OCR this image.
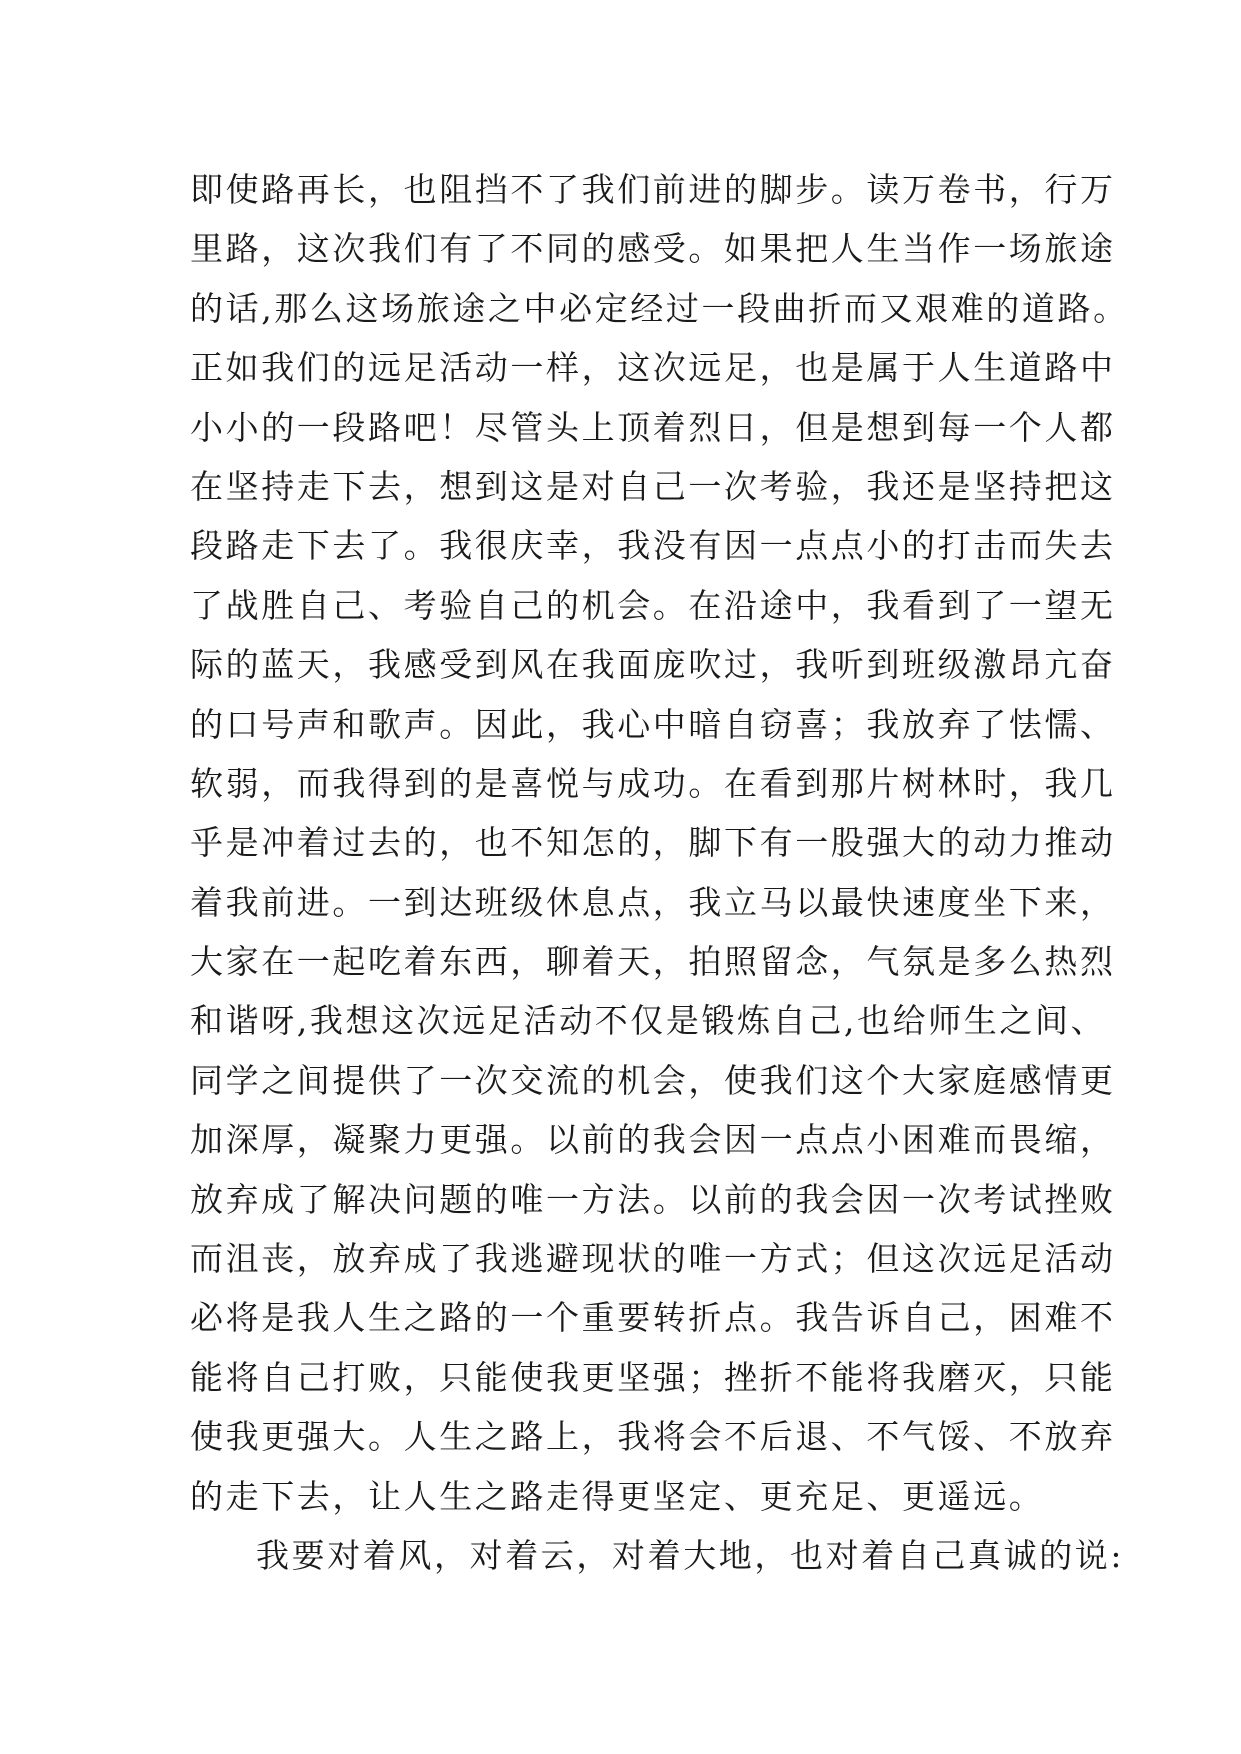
即使路再长，也阻挡不了我们前进的脚步。读万卷书，行万
里路，这次我们有了不同的感受。如果把人生当作一场旅途
的话,那么这场旅途之中必定经过一段曲折而又艰难的道路。
正如我们的远足活动一样，这次远足，也是属于人生道路中
小小的一段路吧！尽管头上顶着烈日，但是想到每一个人都
在坚持走下去，想到这是对自己一次考验，我还是坚持把这
段路走下去了。我很庆幸，我没有因一点点小的打击而失去
了战胜自己、考验自己的机会。在沿途中，我看到了一望无
际的蓝天，我感受到风在我面庞吹过，我听到班级激昂亢奋
的口号声和歌声。因此，我心中暗自窃喜；我放弃了怯懦、
软弱，而我得到的是喜悦与成功。在看到那片树林时，我几
乎是冲着过去的，也不知怎的，脚下有一股强大的动力推动
着我前进。一到达班级休息点，我立马以最快速度坐下来，
大家在一起吃着东西，聊着天，拍照留念，气氛是多么热烈
和谐呀,我想这次远足活动不仅是锻炼自己,也给师生之间、
同学之间提供了一次交流的机会，使我们这个大家庭感情更
加深厚，凝聚力更强。以前的我会因一点点小困难而畏缩，
放弃成了解决问题的唯一方法。以前的我会因一次考试挫败
而沮丧，放弃成了我逃避现状的唯一方式；但这次远足活动
必将是我人生之路的一个重要转折点。我告诉自己，困难不
能将自己打败，只能使我更坚强；挫折不能将我磨灭，只能
使我更强大。人生之路上，我将会不后退、不气馁、不放弃
的走下去，让人生之路走得更坚定、更充足、更遥远。
我要对着风，对着云，对着大地，也对着自己真诚的说:
